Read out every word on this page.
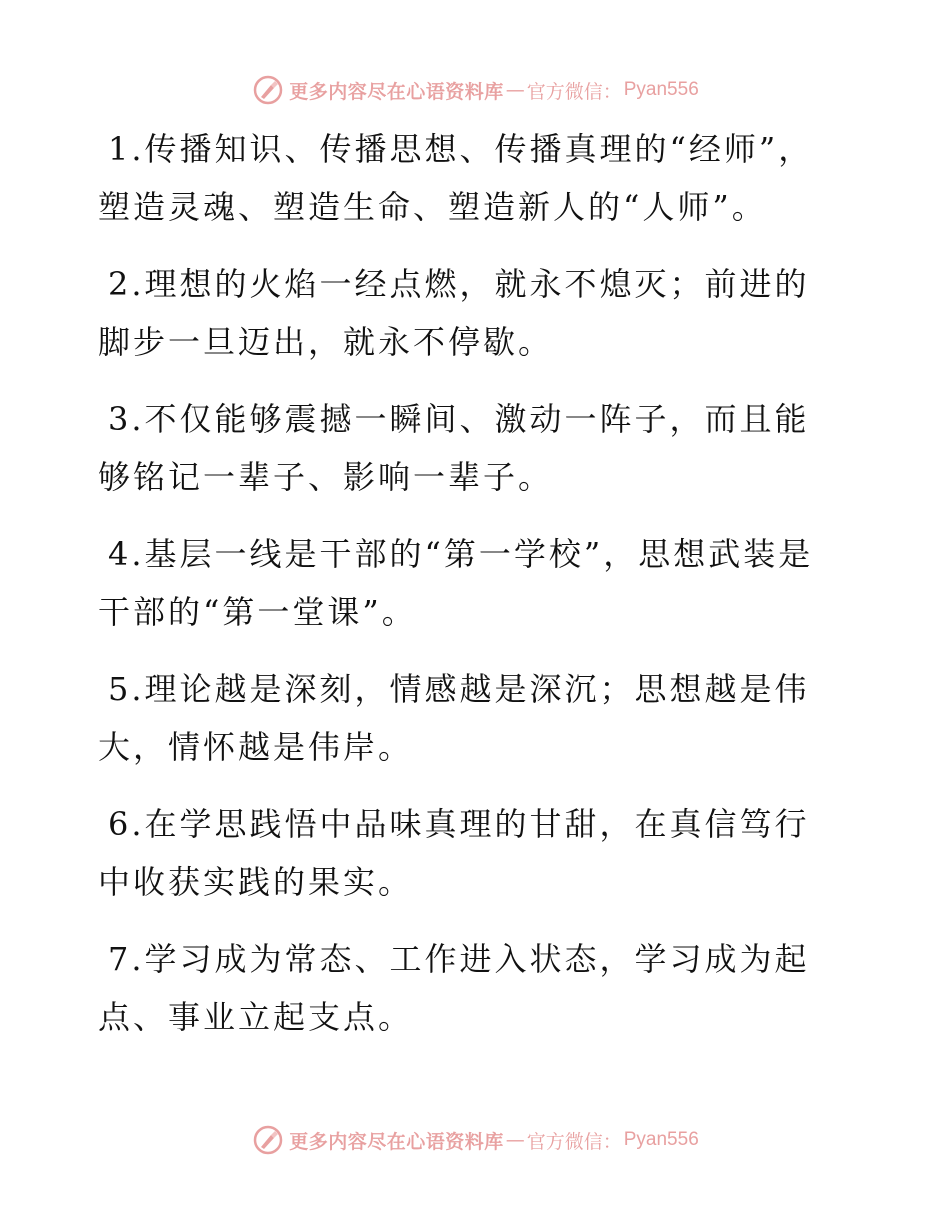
更多内容尽在心语资料库 — 官方微信： Pyan556

1.传播知识、传播思想、传播真理的“经师”，塑造灵魂、塑造生命、塑造新人的“人师”。

2.理想的火焰一经点燃，就永不熄灭；前进的脚步一旦迈出，就永不停歇。

3.不仅能够震撼一瞬间、激动一阵子，而且能够铭记一辈子、影响一辈子。

4.基层一线是干部的“第一学校”，思想武装是干部的“第一堂课”。

5.理论越是深刻，情感越是深沉；思想越是伟大，情怀越是伟岸。

6.在学思践悟中品味真理的甘甜，在真信笃行中收获实践的果实。

7.学习成为常态、工作进入状态，学习成为起点、事业立起支点。

更多内容尽在心语资料库 — 官方微信： Pyan556
